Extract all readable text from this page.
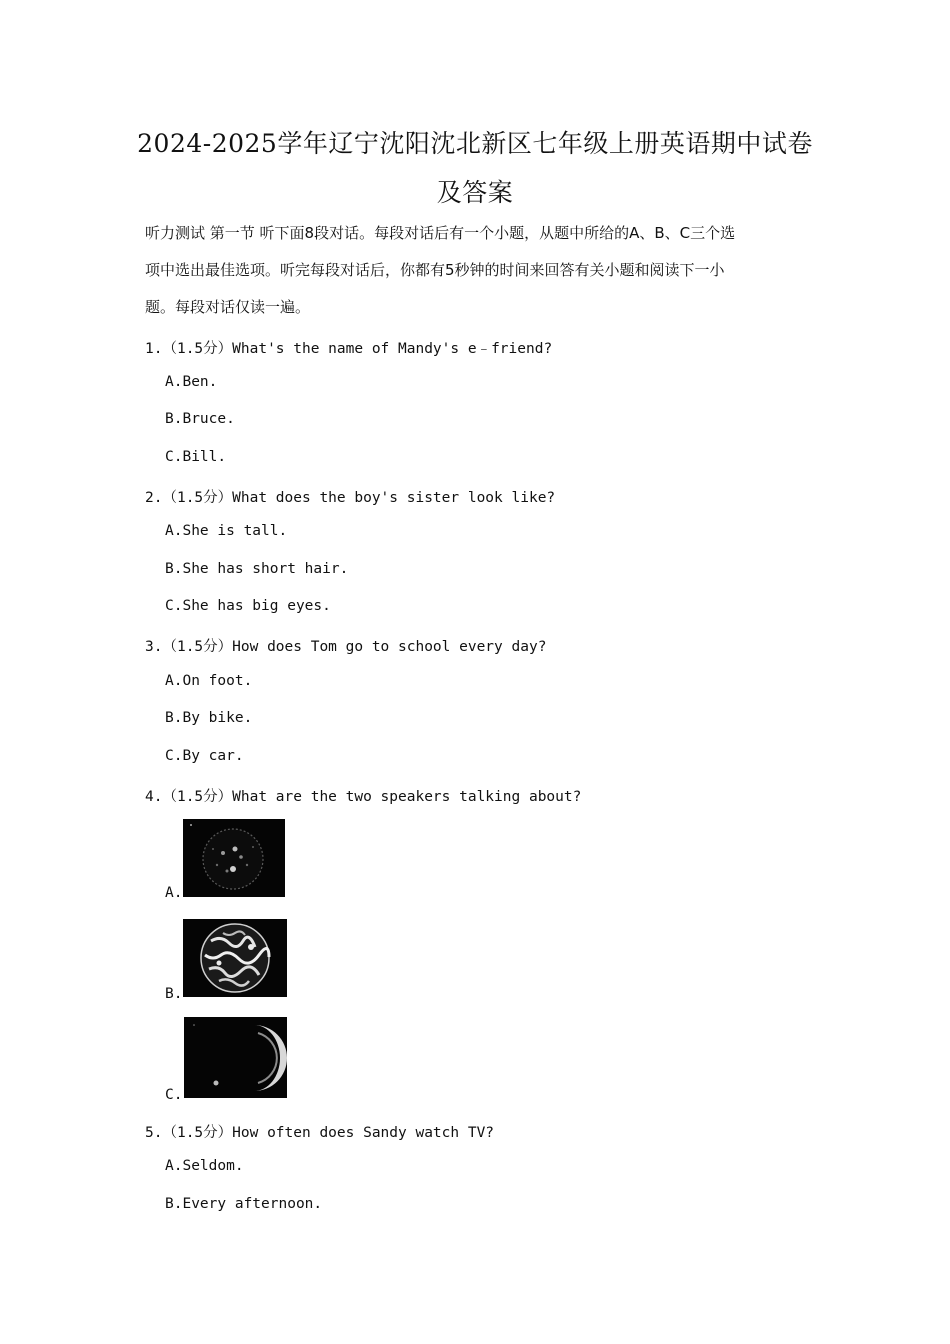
2024-2025学年辽宁沈阳沈北新区七年级上册英语期中试卷
及答案
听力测试 第一节 听下面8段对话。每段对话后有一个小题，从题中所给的A、B、C三个选
项中选出最佳选项。听完每段对话后，你都有5秒钟的时间来回答有关小题和阅读下一小
题。每段对话仅读一遍。
1.（1.5分）What's the name of Mandy's e﹣friend?
A.Ben.
B.Bruce.
C.Bill.
2.（1.5分）What does the boy's sister look like?
A.She is tall.
B.She has short hair.
C.She has big eyes.
3.（1.5分）How does Tom go to school every day?
A.On foot.
B.By bike.
C.By car.
4.（1.5分）What are the two speakers talking about?
A.
B.
C.
5.（1.5分）How often does Sandy watch TV?
A.Seldom.
B.Every afternoon.
